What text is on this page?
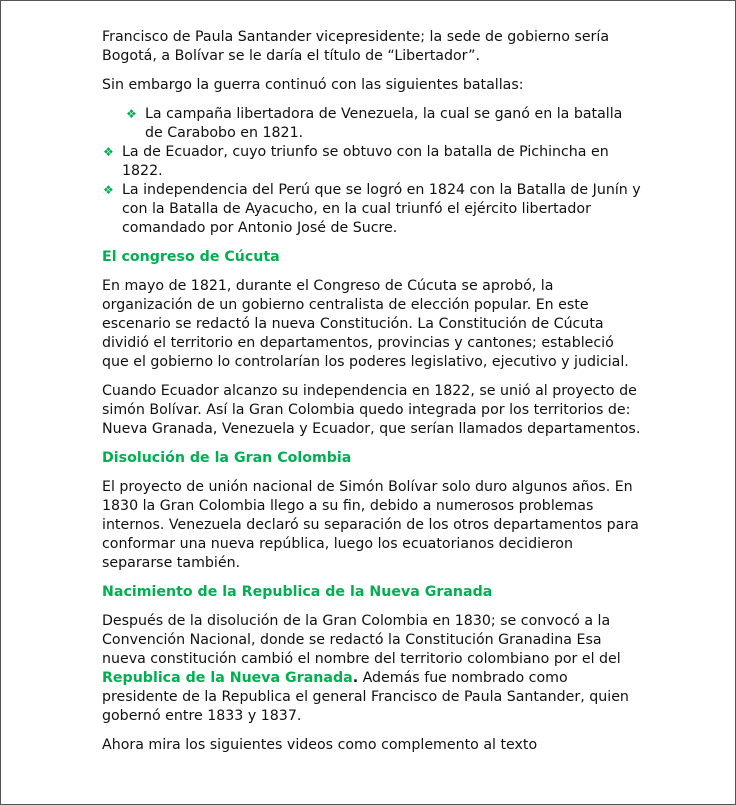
Francisco de Paula Santander vicepresidente; la sede de gobierno sería Bogotá, a Bolívar se le daría el título de “Libertador”.

Sin embargo la guerra continuó con las siguientes batallas:

❖ La campaña libertadora de Venezuela, la cual se ganó en la batalla de Carabobo en 1821.
❖ La de Ecuador, cuyo triunfo se obtuvo con la batalla de Pichincha en 1822.
❖ La independencia del Perú que se logró en 1824 con la Batalla de Junín y con la Batalla de Ayacucho, en la cual triunfó el ejército libertador comandado por Antonio José de Sucre.
El congreso de Cúcuta

En mayo de 1821, durante el Congreso de Cúcuta se aprobó, la organización de un gobierno centralista de elección popular. En este escenario se redactó la nueva Constitución. La Constitución de Cúcuta dividió el territorio en departamentos, provincias y cantones; estableció que el gobierno lo controlarían los poderes legislativo, ejecutivo y judicial.

Cuando Ecuador alcanzo su independencia en 1822, se unió al proyecto de simón Bolívar. Así la Gran Colombia quedo integrada por los territorios de: Nueva Granada, Venezuela y Ecuador, que serían llamados departamentos.

Disolución de la Gran Colombia

El proyecto de unión nacional de Simón Bolívar solo duro algunos años. En 1830 la Gran Colombia llego a su fin, debido a numerosos problemas internos. Venezuela declaró su separación de los otros departamentos para conformar una nueva república, luego los ecuatorianos decidieron separarse también.

Nacimiento de la Republica de la Nueva Granada

Después de la disolución de la Gran Colombia en 1830; se convocó a la Convención Nacional, donde se redactó la Constitución Granadina Esa nueva constitución cambió el nombre del territorio colombiano por el del Republica de la Nueva Granada. Además fue nombrado como presidente de la Republica el general Francisco de Paula Santander, quien gobernó entre 1833 y 1837.

Ahora mira los siguientes videos como complemento al texto
